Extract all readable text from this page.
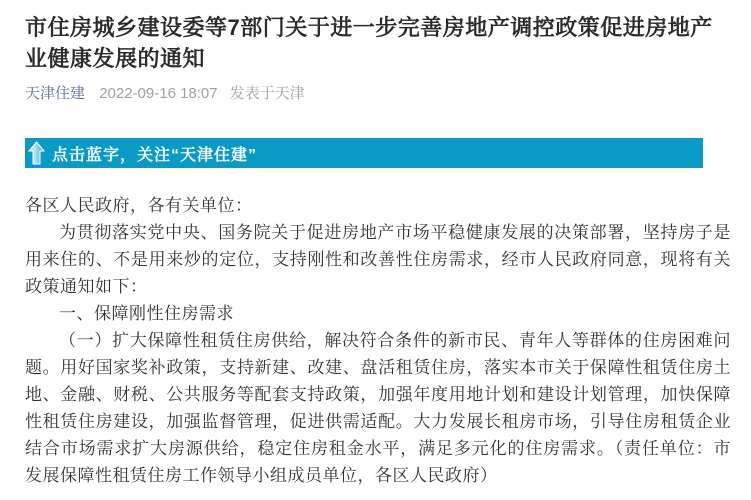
市住房城乡建设委等7部门关于进一步完善房地产调控政策促进房地产业健康发展的通知
天津住建 2022-09-16 18:07 发表于天津
点击蓝字，关注“天津住建”

各区人民政府，各有关单位：

为贯彻落实党中央、国务院关于促进房地产市场平稳健康发展的决策部署，坚持房子是用来住的、不是用来炒的定位，支持刚性和改善性住房需求，经市人民政府同意，现将有关政策通知如下：

一、保障刚性住房需求

（一）扩大保障性租赁住房供给，解决符合条件的新市民、青年人等群体的住房困难问题。用好国家奖补政策，支持新建、改建、盘活租赁住房，落实本市关于保障性租赁住房土地、金融、财税、公共服务等配套支持政策，加强年度用地计划和建设计划管理，加快保障性租赁住房建设，加强监督管理，促进供需适配。大力发展长租房市场，引导住房租赁企业结合市场需求扩大房源供给，稳定住房租金水平，满足多元化的住房需求。（责任单位：市发展保障性租赁住房工作领导小组成员单位，各区人民政府）
